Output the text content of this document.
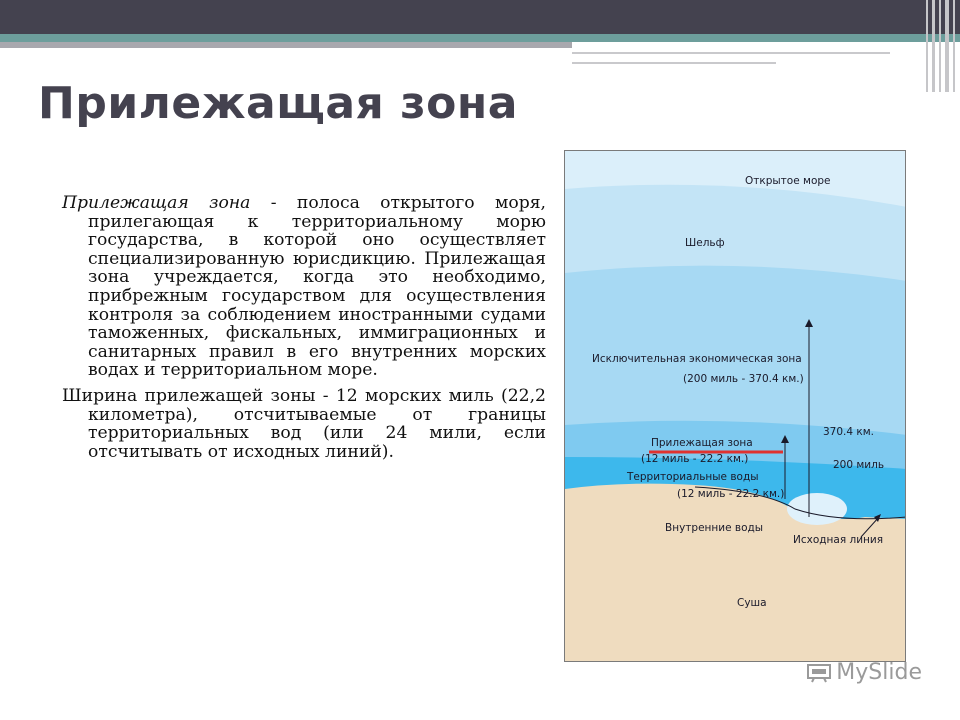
Прилежащая зона

Прилежащая зона - полоса открытого моря, прилегающая к территориальному морю государства, в которой оно осуществляет специализированную юрисдикцию. Прилежащая зона учреждается, когда это необходимо, прибрежным государством для осуществления контроля за соблюдением иностранными судами таможенных, фискальных, иммиграционных и санитарных правил в его внутренних морских водах и территориальном море.

Ширина прилежащей зоны - 12 морских миль (22,2 километра), отсчитываемые от границы территориальных вод (или 24 мили, если отсчитывать от исходных линий).

Открытое море
Шельф
Исключительная экономическая зона
(200 миль - 370.4 км.)
370.4 км.
Прилежащая зона
(12 миль - 22.2 км.)	200 миль
Территориальные воды
(12 миль - 22.2 км.)
Внутренние воды
Исходная линия
Суша
MySlide
